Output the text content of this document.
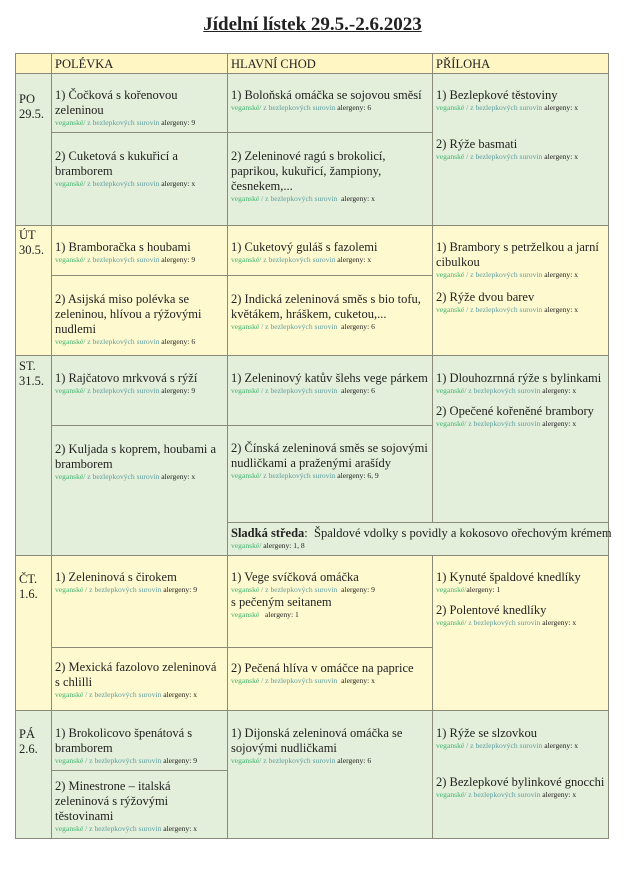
Jídelní lístek 29.5.-2.6.2023
POLÉVKA	HLAVNÍ CHOD	PŘÍLOHA
PO
29.5.
1) Čočková s kořenovou zeleninou
veganské/ z bezlepkových surovin alergeny: 9
2) Cuketová s kukuřicí a bramborem
veganské/ z bezlepkových surovin alergeny: x
1) Boloňská omáčka se sojovou směsí
veganské/ z bezlepkových surovin alergeny: 6
2) Zeleninové ragú s brokolicí, paprikou, kukuřicí, žampiony, česnekem,...
veganské / z bezlepkových surovin  alergeny: x
1) Bezlepkové těstoviny
veganské / z bezlepkových surovin alergeny: x
2) Rýže basmati
veganské / z bezlepkových surovin alergeny: x
ÚT
30.5. 1) Bramboračka s houbami
veganské/ z bezlepkových surovin alergeny: 9
2) Asijská miso polévka se zeleninou, hlívou a rýžovými nudlemi
veganské/ z bezlepkových surovin alergeny: 6
1) Cuketový guláš s fazolemi
veganské/ z bezlepkových surovin alergeny: x
2) Indická zeleninová směs s bio tofu, květákem, hráškem, cuketou,...
veganské / z bezlepkových surovin  alergeny: 6
1) Brambory s petrželkou a jarní cibulkou
veganské / z bezlepkových surovin alergeny: x
2) Rýže dvou barev
veganské / z bezlepkových surovin alergeny: x
ST.
31.5. 1) Rajčatovo mrkvová s rýží
veganské/ z bezlepkových surovin alergeny: 9
2) Kuljada s koprem, houbami a bramborem
veganské/ z bezlepkových surovin alergeny: x
1) Zeleninový katův šlehs vege párkem
veganské / z bezlepkových surovin  alergeny: 6
2) Čínská zeleninová směs se sojovými nudličkami a praženými arašídy
veganské/ z bezlepkových surovin alergeny: 6, 9
1) Dlouhozrnná rýže s bylinkami
veganské/ z bezlepkových surovin alergeny: x
2) Opečené kořeněné brambory
veganské/ z bezlepkových surovin alergeny: x
Sladká středa:  Špaldové vdolky s povidly a kokosovo ořechovým krémem
veganské/ alergeny: 1, 8
ČT.
1.6.
1) Zeleninová s čirokem
veganské / z bezlepkových surovin alergeny: 9
2) Mexická fazolovo zeleninová s chlilli
veganské / z bezlepkových surovin alergeny: x
1) Vege svíčková omáčka
veganské / z bezlepkových surovin  alergeny: 9
s pečeným seitanem
veganské   alergeny: 1
2) Pečená hlíva v omáčce na paprice
veganské / z bezlepkových surovin  alergeny: x
1) Kynuté špaldové knedlíky
veganské/alergeny: 1
2) Polentové knedlíky
veganské/ z bezlepkových surovin alergeny: x
PÁ
2.6.
1) Brokolicovo špenátová s bramborem
veganské / z bezlepkových surovin alergeny: 9
2) Minestrone – italská zeleninová s rýžovými těstovinami
veganské / z bezlepkových surovin alergeny: x
1) Dijonská zeleninová omáčka se sojovými nudličkami
veganské/ z bezlepkových surovin alergeny: 6
1) Rýže se slzovkou
veganské / z bezlepkových surovin alergeny: x
2) Bezlepkové bylinkové gnocchi
veganské/ z bezlepkových surovin alergeny: x
